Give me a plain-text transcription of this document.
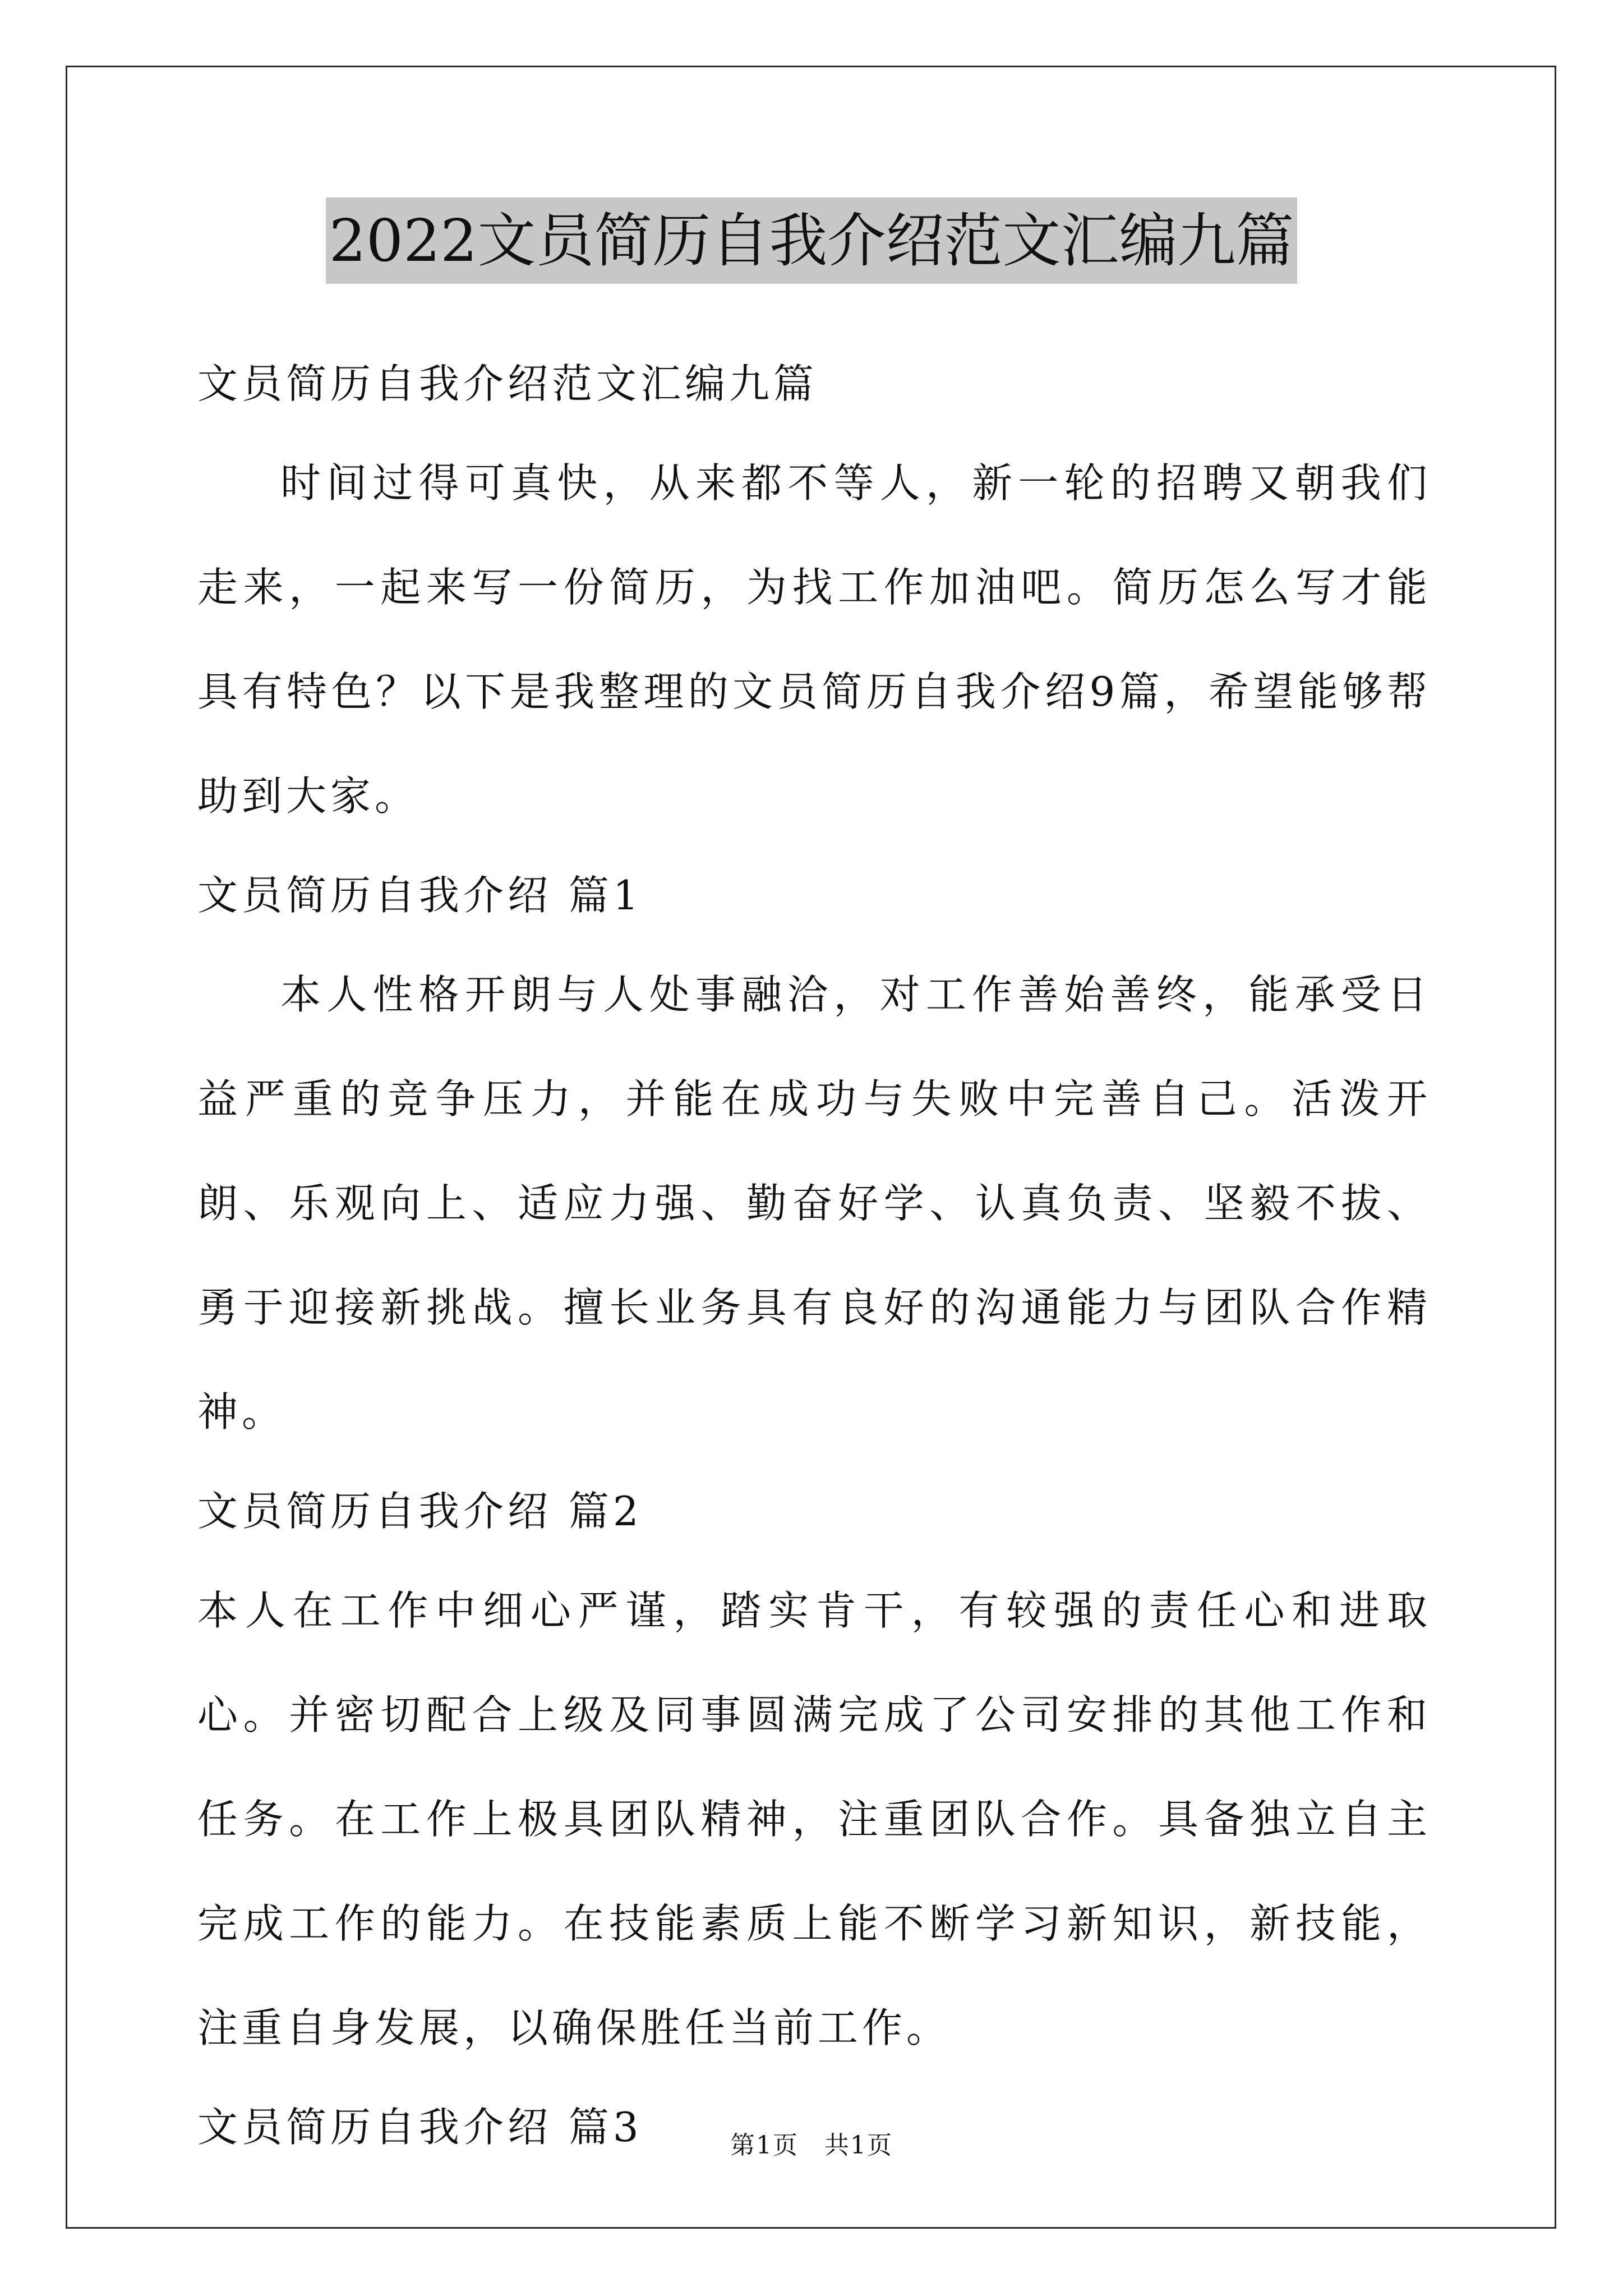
2022文员简历自我介绍范文汇编九篇
文员简历自我介绍范文汇编九篇
时间过得可真快，从来都不等人，新一轮的招聘又朝我们走来，一起来写一份简历，为找工作加油吧。简历怎么写才能具有特色？以下是我整理的文员简历自我介绍9篇，希望能够帮助到大家。
文员简历自我介绍 篇1
本人性格开朗与人处事融洽，对工作善始善终，能承受日益严重的竞争压力，并能在成功与失败中完善自己。活泼开朗、乐观向上、适应力强、勤奋好学、认真负责、坚毅不拔、勇于迎接新挑战。擅长业务具有良好的沟通能力与团队合作精神。
文员简历自我介绍 篇2
本人在工作中细心严谨，踏实肯干，有较强的责任心和进取心。并密切配合上级及同事圆满完成了公司安排的其他工作和任务。在工作上极具团队精神，注重团队合作。具备独立自主完成工作的能力。在技能素质上能不断学习新知识，新技能，注重自身发展，以确保胜任当前工作。
文员简历自我介绍 篇3	第1页　共1页
